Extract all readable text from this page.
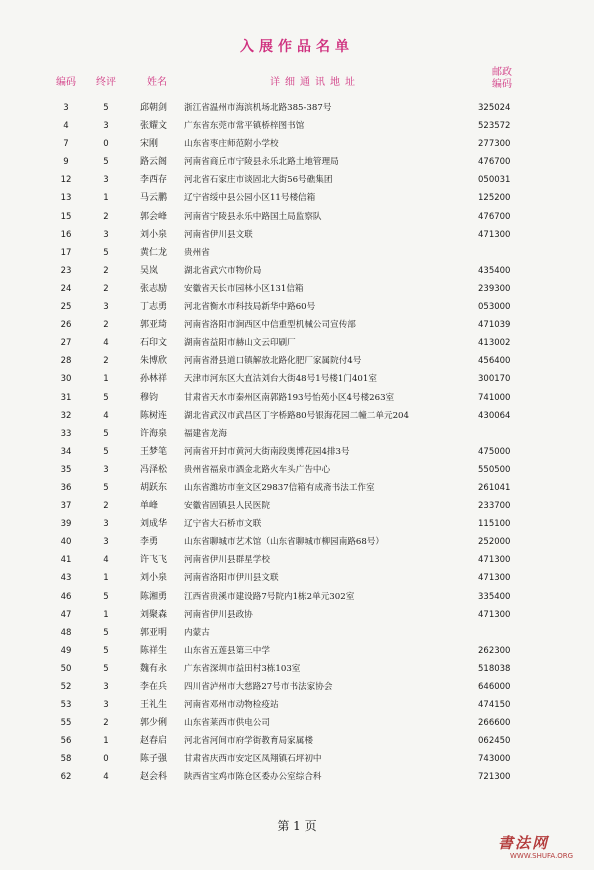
入展作品名单
编码 终评	姓名	详细通讯地址
邮政
编码
3	5	邱朝剑 浙江省温州市海滨机场北路385-387号	325024
4	3	张耀文 广东省东莞市常平镇桥梓图书馆	523572
7	0	宋刚	山东省枣庄师范附小学校	277300
9	5	路云阁 河南省商丘市宁陵县永乐北路土地管理局	476700
12	3	李西存 河北省石家庄市谈固北大街56号礁集团	050031
13	1	马云鹏 辽宁省绥中县公园小区11号楼信箱	125200
15	2	郭会峰 河南省宁陵县永乐中路国土局监察队	476700
16	3	刘小泉 河南省伊川县文联	471300
17	5	黄仁龙 贵州省
23	2	吴岚	湖北省武穴市物价局	435400
24	2	张志励 安徽省天长市园林小区131信箱	239300
25	3	丁志勇 河北省衡水市科技局新华中路60号	053000
26	2	郭亚琦 河南省洛阳市涧西区中信重型机械公司宣传部	471039
27	4	石印文 湖南省益阳市赫山文云印刷厂	413002
28	2	朱博欣 河南省滑县道口镇解放北路化肥厂家属院付4号	456400
30	1	孙林祥 天津市河东区大直沽刘台大街48号1号楼1门401室	300170
31	5	穆钧	甘肃省天水市秦州区南郭路193号怡苑小区4号楼263室	741000
32	4	陈树连 湖北省武汉市武昌区丁字桥路80号银海花园二幢二单元204	430064
33	5	许海泉 福建省龙海
34	5	王梦笔 河南省开封市黄河大街南段奥博花园4排3号	475000
35	3	冯泽松 贵州省福泉市酒金北路火车头广告中心	550500
36	5	胡跃东 山东省潍坊市奎文区29837信箱有成斋书法工作室	261041
37	2	单峰	安徽省固镇县人民医院	233700
39	3	刘成华 辽宁省大石桥市文联	115100
40	3	李勇	山东省聊城市艺术馆（山东省聊城市柳园南路68号）	252000
41	4	许飞飞 河南省伊川县群星学校	471300
43	1	刘小泉 河南省洛阳市伊川县文联	471300
46	5	陈湘勇 江西省贵溪市建设路7号院内1栋2单元302室	335400
47	1	刘聚森 河南省伊川县政协	471300
48	5	郭亚明 内蒙古
49	5	陈祥生 山东省五莲县第三中学	262300
50	5	魏有永 广东省深圳市益田村3栋103室	518038
52	3	李在兵 四川省泸州市大慈路27号市书法家协会	646000
53	3	王礼生 河南省邓州市动物检疫站	474150
55	2	郭少俐 山东省莱西市供电公司	266600
56	1	赵春启 河北省河间市府学街教育局家属楼	062450
58	0	陈子强 甘肃省庆西市安定区凤翔镇石坪初中	743000
62	4	赵会科 陕西省宝鸡市陈仓区委办公室综合科	721300
第 1 页
書法网
WWW.SHUFA.ORG
